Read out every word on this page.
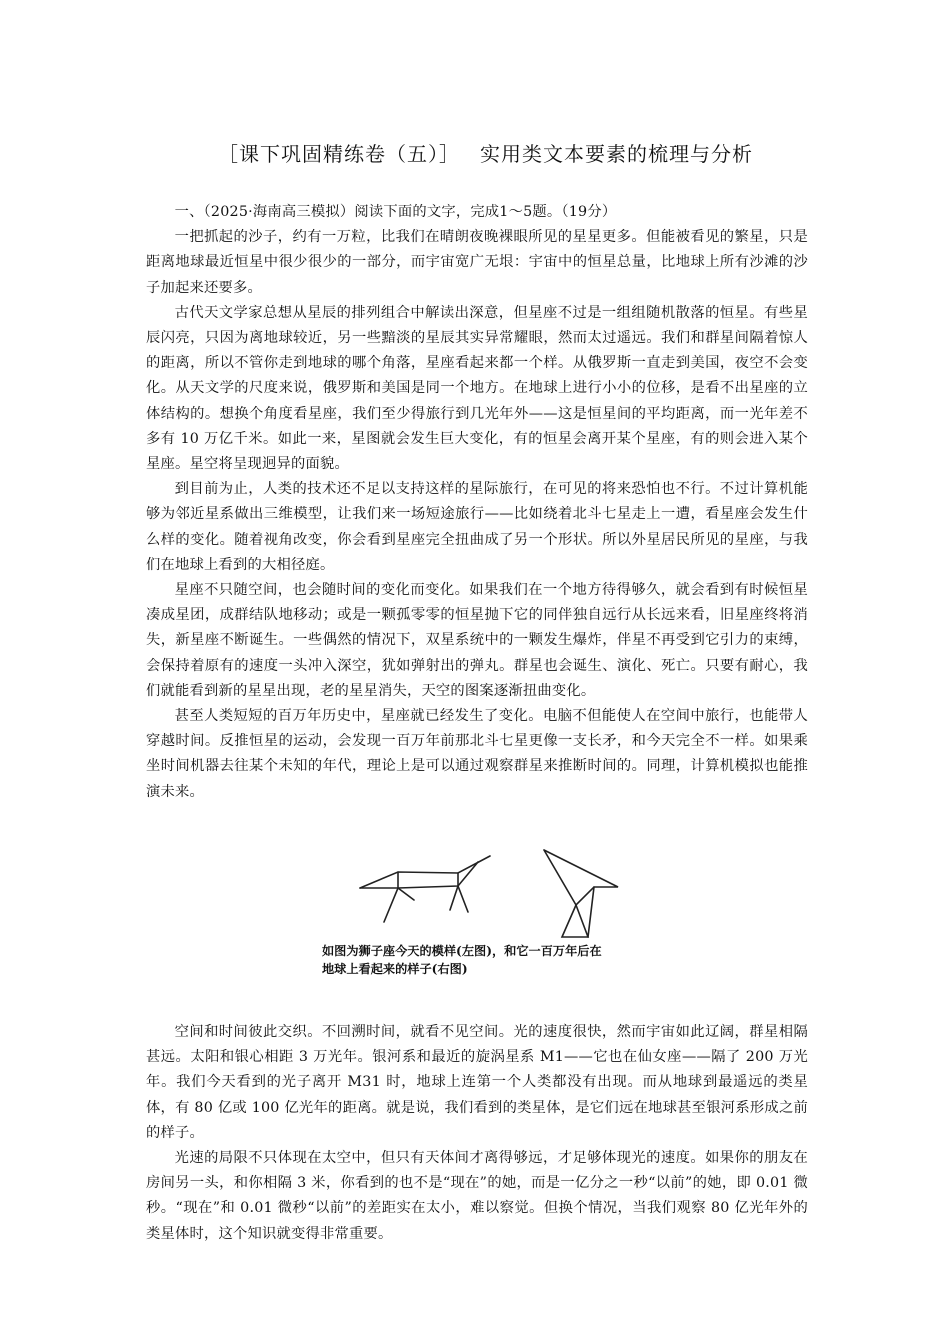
［课下巩固精练卷（五）］ 实用类文本要素的梳理与分析

一、（2025·海南高三模拟）阅读下面的文字，完成1～5题。（19分）

一把抓起的沙子，约有一万粒，比我们在晴朗夜晚裸眼所见的星星更多。但能被看见的繁星，只是距离地球最近恒星中很少很少的一部分，而宇宙宽广无垠：宇宙中的恒星总量，比地球上所有沙滩的沙子加起来还要多。

古代天文学家总想从星辰的排列组合中解读出深意，但星座不过是一组组随机散落的恒星。有些星辰闪亮，只因为离地球较近，另一些黯淡的星辰其实异常耀眼，然而太过遥远。我们和群星间隔着惊人的距离，所以不管你走到地球的哪个角落，星座看起来都一个样。从俄罗斯一直走到美国，夜空不会变化。从天文学的尺度来说，俄罗斯和美国是同一个地方。在地球上进行小小的位移，是看不出星座的立体结构的。想换个角度看星座，我们至少得旅行到几光年外——这是恒星间的平均距离，而一光年差不多有 10 万亿千米。如此一来，星图就会发生巨大变化，有的恒星会离开某个星座，有的则会进入某个星座。星空将呈现迥异的面貌。

到目前为止，人类的技术还不足以支持这样的星际旅行，在可见的将来恐怕也不行。不过计算机能够为邻近星系做出三维模型，让我们来一场短途旅行——比如绕着北斗七星走上一遭，看星座会发生什么样的变化。随着视角改变，你会看到星座完全扭曲成了另一个形状。所以外星居民所见的星座，与我们在地球上看到的大相径庭。

星座不只随空间，也会随时间的变化而变化。如果我们在一个地方待得够久，就会看到有时候恒星凑成星团，成群结队地移动；或是一颗孤零零的恒星抛下它的同伴独自远行从长远来看，旧星座终将消失，新星座不断诞生。一些偶然的情况下，双星系统中的一颗发生爆炸，伴星不再受到它引力的束缚，会保持着原有的速度一头冲入深空，犹如弹射出的弹丸。群星也会诞生、演化、死亡。只要有耐心，我们就能看到新的星星出现，老的星星消失，天空的图案逐渐扭曲变化。

甚至人类短短的百万年历史中，星座就已经发生了变化。电脑不但能使人在空间中旅行，也能带人穿越时间。反推恒星的运动，会发现一百万年前那北斗七星更像一支长矛，和今天完全不一样。如果乘坐时间机器去往某个未知的年代，理论上是可以通过观察群星来推断时间的。同理，计算机模拟也能推演未来。

如图为狮子座今天的模样(左图)，和它一百万年后在
地球上看起来的样子(右图)

空间和时间彼此交织。不回溯时间，就看不见空间。光的速度很快，然而宇宙如此辽阔，群星相隔甚远。太阳和银心相距 3 万光年。银河系和最近的旋涡星系 M1——它也在仙女座——隔了 200 万光年。我们今天看到的光子离开 M31 时，地球上连第一个人类都没有出现。而从地球到最遥远的类星体，有 80 亿或 100 亿光年的距离。就是说，我们看到的类星体，是它们远在地球甚至银河系形成之前的样子。

光速的局限不只体现在太空中，但只有天体间才离得够远，才足够体现光的速度。如果你的朋友在房间另一头，和你相隔 3 米，你看到的也不是“现在”的她，而是一亿分之一秒“以前”的她，即 0.01 微秒。“现在”和 0.01 微秒“以前”的差距实在太小，难以察觉。但换个情况，当我们观察 80 亿光年外的类星体时，这个知识就变得非常重要。
